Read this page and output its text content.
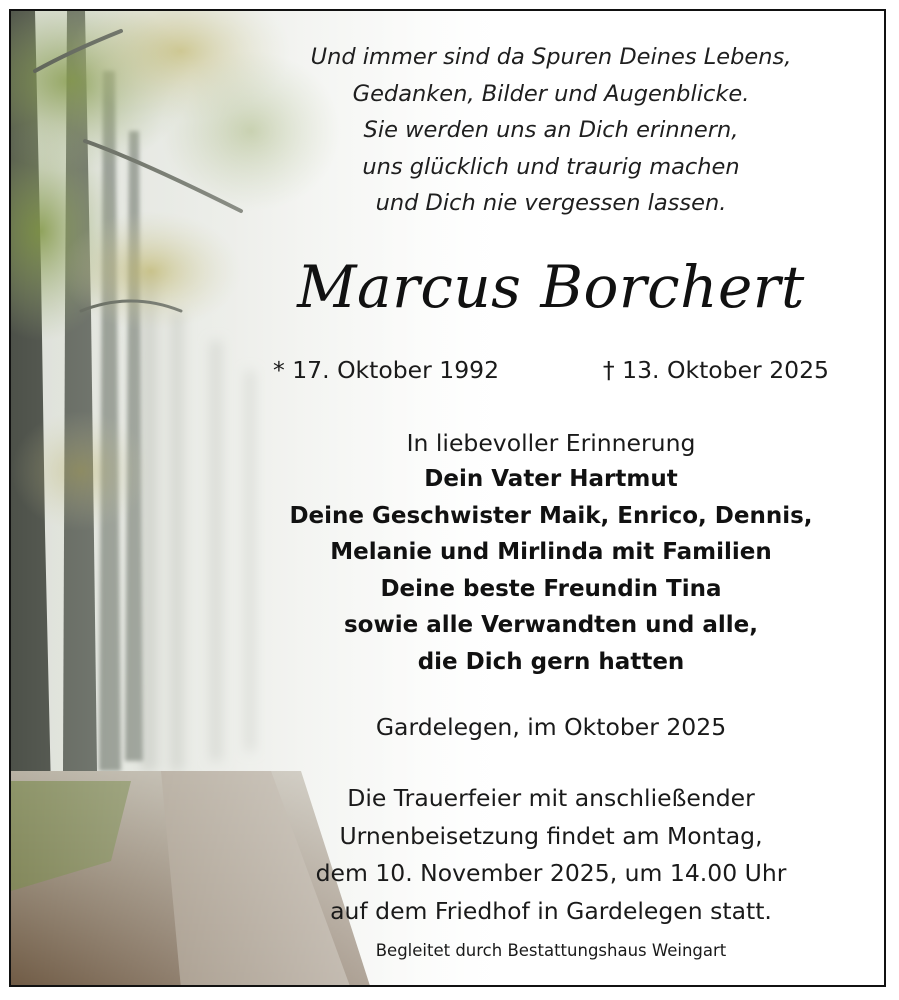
Und immer sind da Spuren Deines Lebens,
Gedanken, Bilder und Augenblicke.
Sie werden uns an Dich erinnern,
uns glücklich und traurig machen
und Dich nie vergessen lassen.
Marcus Borchert
* 17. Oktober 1992	† 13. Oktober 2025
In liebevoller Erinnerung
Dein Vater Hartmut
Deine Geschwister Maik, Enrico, Dennis,
Melanie und Mirlinda mit Familien
Deine beste Freundin Tina
sowie alle Verwandten und alle,
die Dich gern hatten
Gardelegen, im Oktober 2025
Die Trauerfeier mit anschließender
Urnenbeisetzung findet am Montag,
dem 10. November 2025, um 14.00 Uhr
auf dem Friedhof in Gardelegen statt.
Begleitet durch Bestattungshaus Weingart
